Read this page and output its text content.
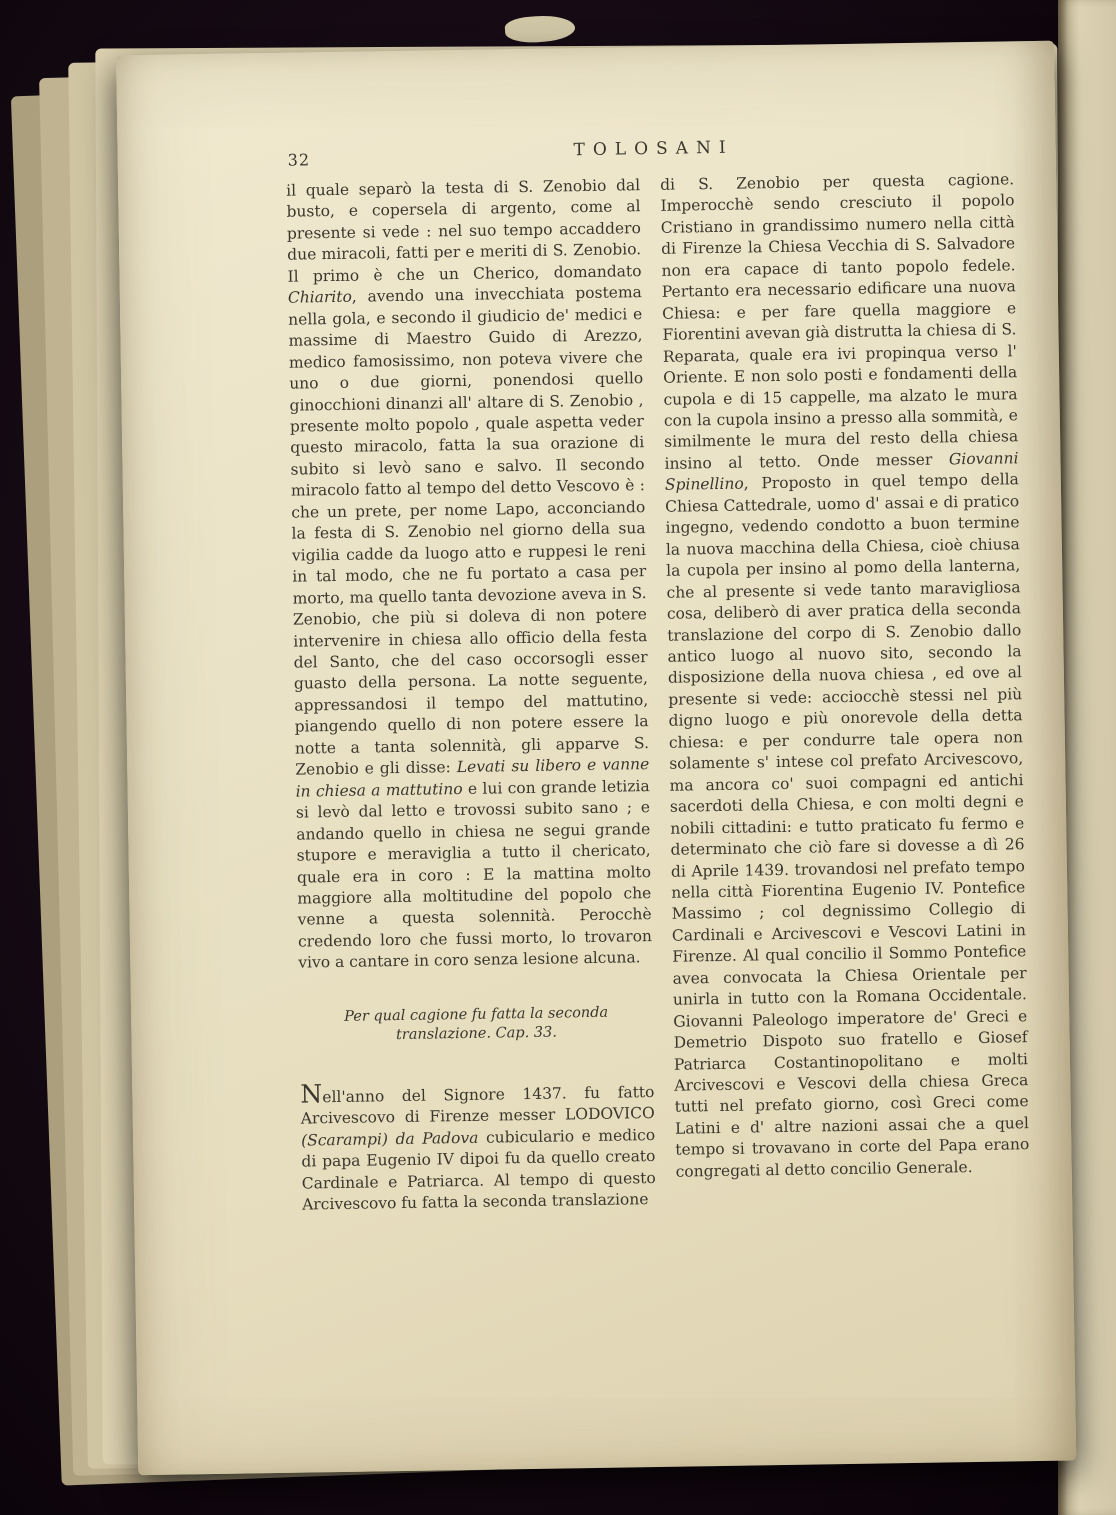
32	TOLOSANI

il quale separò la testa di S. Zenobio dal busto, e copersela di argento, come al presente si vede : nel suo tempo accaddero due miracoli, fatti per e meriti di S. Zenobio. Il primo è che un Cherico, domandato Chiarito, avendo una invecchiata postema nella gola, e secondo il giudicio de' medici e massime di Maestro Guido di Arezzo, medico famosissimo, non poteva vivere che uno o due giorni, ponendosi quello ginocchioni dinanzi all' altare di S. Zenobio , presente molto popolo , quale aspetta veder questo miracolo, fatta la sua orazione di subito si levò sano e salvo. Il secondo miracolo fatto al tempo del detto Vescovo è : che un prete, per nome Lapo, acconciando la festa di S. Zenobio nel giorno della sua vigilia cadde da luogo atto e ruppesi le reni in tal modo, che ne fu portato a casa per morto, ma quello tanta devozione aveva in S. Zenobio, che più si doleva di non potere intervenire in chiesa allo officio della festa del Santo, che del caso occorsogli esser guasto della persona. La notte seguente, appressandosi il tempo del mattutino, piangendo quello di non potere essere la notte a tanta solennità, gli apparve S. Zenobio e gli disse: Levati su libero e vanne in chiesa a mattutino e lui con grande letizia si levò dal letto e trovossi subito sano ; e andando quello in chiesa ne segui grande stupore e meraviglia a tutto il chericato, quale era in coro : E la mattina molto maggiore alla moltitudine del popolo che venne a questa solennità. Perocchè credendo loro che fussi morto, lo trovaron vivo a cantare in coro senza lesione alcuna.

Per qual cagione fu fatta la seconda translazione. Cap. 33.

Nell'anno del Signore 1437. fu fatto Arcivescovo di Firenze messer LODOVICO (Scarampi) da Padova cubiculario e medico di papa Eugenio IV dipoi fu da quello creato Cardinale e Patriarca. Al tempo di questo Arcivescovo fu fatta la seconda translazione

di S. Zenobio per questa cagione. Imperocchè sendo cresciuto il popolo Cristiano in grandissimo numero nella città di Firenze la Chiesa Vecchia di S. Salvadore non era capace di tanto popolo fedele. Pertanto era necessario edificare una nuova Chiesa: e per fare quella maggiore e Fiorentini avevan già distrutta la chiesa di S. Reparata, quale era ivi propinqua verso l' Oriente. E non solo posti e fondamenti della cupola e di 15 cappelle, ma alzato le mura con la cupola insino a presso alla sommità, e similmente le mura del resto della chiesa insino al tetto. Onde messer Giovanni Spinellino, Proposto in quel tempo della Chiesa Cattedrale, uomo d' assai e di pratico ingegno, vedendo condotto a buon termine la nuova macchina della Chiesa, cioè chiusa la cupola per insino al pomo della lanterna, che al presente si vede tanto maravigliosa cosa, deliberò di aver pratica della seconda translazione del corpo di S. Zenobio dallo antico luogo al nuovo sito, secondo la disposizione della nuova chiesa , ed ove al presente si vede: acciocchè stessi nel più digno luogo e più onorevole della detta chiesa: e per condurre tale opera non solamente s' intese col prefato Arcivescovo, ma ancora co' suoi compagni ed antichi sacerdoti della Chiesa, e con molti degni e nobili cittadini: e tutto praticato fu fermo e determinato che ciò fare si dovesse a dì 26 di Aprile 1439. trovandosi nel prefato tempo nella città Fiorentina Eugenio IV. Pontefice Massimo ; col degnissimo Collegio di Cardinali e Arcivescovi e Vescovi Latini in Firenze. Al qual concilio il Sommo Pontefice avea convocata la Chiesa Orientale per unirla in tutto con la Romana Occidentale. Giovanni Paleologo imperatore de' Greci e Demetrio Dispoto suo fratello e Giosef Patriarca Costantinopolitano e molti Arcivescovi e Vescovi della chiesa Greca tutti nel prefato giorno, così Greci come Latini e d' altre nazioni assai che a quel tempo si trovavano in corte del Papa erano congregati al detto concilio Generale.
